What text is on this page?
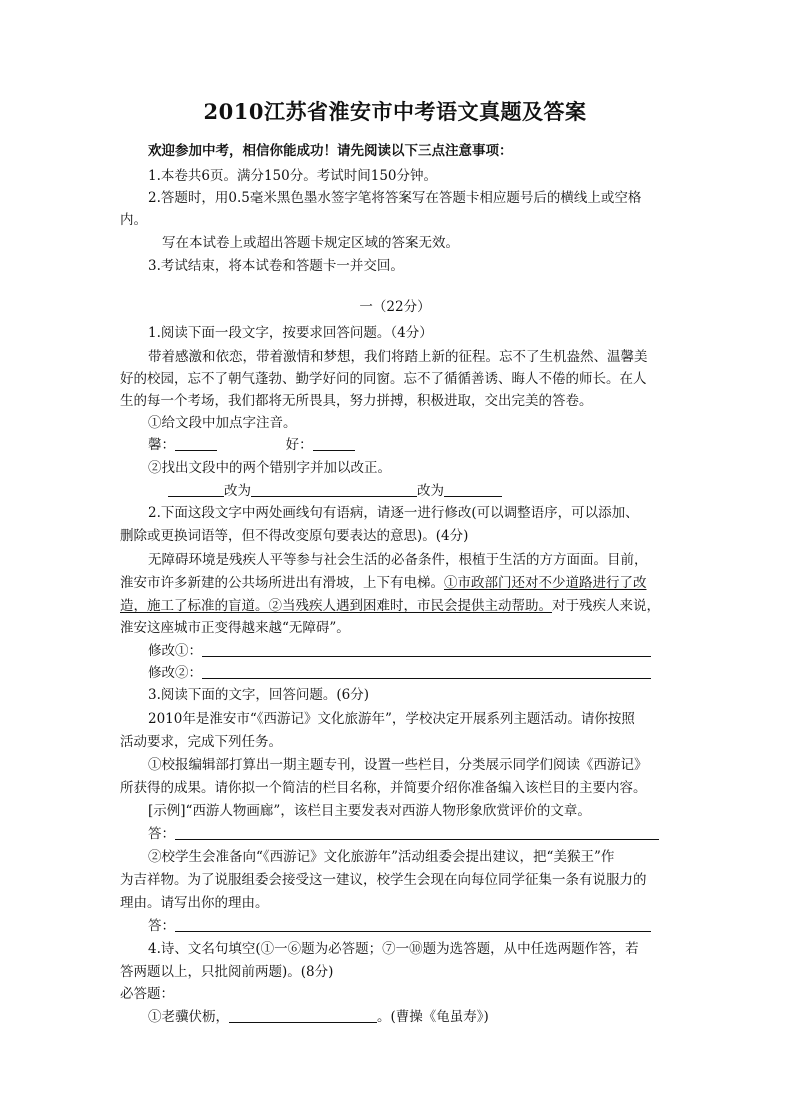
2010江苏省淮安市中考语文真题及答案
欢迎参加中考，相信你能成功！请先阅读以下三点注意事项：
1.本卷共6页。满分150分。考试时间150分钟。
2.答题时，用0.5毫米黑色墨水签字笔将答案写在答题卡相应题号后的横线上或空格
内。
写在本试卷上或超出答题卡规定区域的答案无效。
3.考试结束，将本试卷和答题卡一并交回。
一（22分）
1.阅读下面一段文字，按要求回答问题。（4分）
带着感激和依恋，带着激情和梦想，我们将踏上新的征程。忘不了生机盎然、温馨美
好的校园，忘不了朝气蓬勃、勤学好问的同窗。忘不了循循善诱、晦人不倦的师长。在人
生的每一个考场，我们都将无所畏具，努力拼搏，积极进取，交出完美的答卷。
①给文段中加点字注音。
馨：	好：
②找出文段中的两个错别字并加以改正。
改为	改为
2.下面这段文字中两处画线句有语病，请逐一进行修改(可以调整语序，可以添加、
删除或更换词语等，但不得改变原句要表达的意思)。(4分)
无障碍环境是残疾人平等参与社会生活的必备条件，根植于生活的方方面面。目前，
淮安市许多新建的公共场所进出有滑坡，上下有电梯。①市政部门还对不少道路进行了改
造，施工了标准的盲道。②当残疾人遇到困难时，市民会提供主动帮助。对于残疾人来说，
淮安这座城市正变得越来越“无障碍”。
修改①：
修改②：
3.阅读下面的文字，回答问题。(6分)
2010年是淮安市“《西游记》文化旅游年”，学校决定开展系列主题活动。请你按照
活动要求，完成下列任务。
①校报编辑部打算出一期主题专刊，设置一些栏目，分类展示同学们阅读《西游记》
所获得的成果。请你拟一个简洁的栏目名称，并简要介绍你准备编入该栏目的主要内容。
[示例]“西游人物画廊”，该栏目主要发表对西游人物形象欣赏评价的文章。
答：
②校学生会准备向“《西游记》文化旅游年”活动组委会提出建议，把“美猴王”作
为吉祥物。为了说服组委会接受这一建议，校学生会现在向每位同学征集一条有说服力的
理由。请写出你的理由。
答：
4.诗、文名句填空(①一⑥题为必答题；⑦一⑩题为选答题，从中任选两题作答，若
答两题以上，只批阅前两题)。(8分)
必答题：
①老骥伏枥，	。(曹操《龟虽寿》)
